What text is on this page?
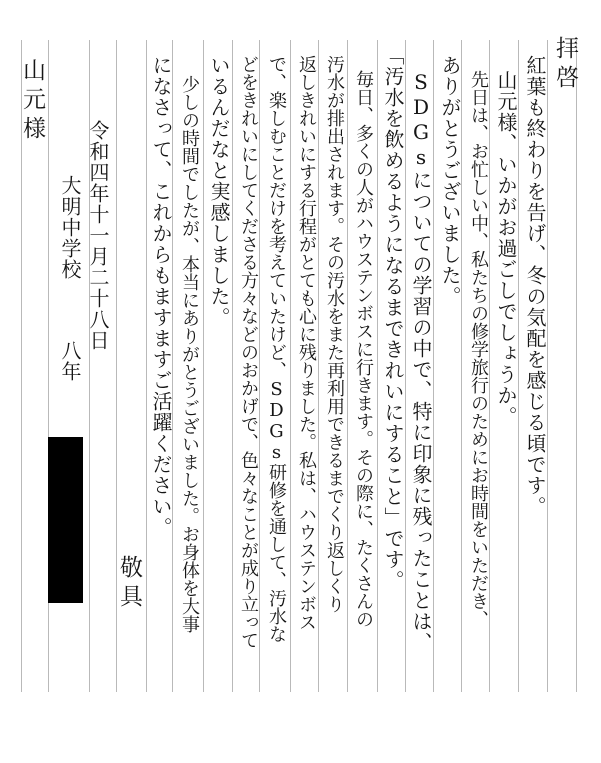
拝啓
紅葉も終わりを告げ、冬の気配を感じる頃です。
山元様、いかがお過ごしでしょうか。
先日は、お忙しい中、私たちの修学旅行のためにお時間をいただき、
ありがとうございました。
SDGsについての学習の中で、特に印象に残ったことは、
「汚水を飲めるようになるまできれいにすること」です。
毎日、多くの人がハウステンボスに行きます。その際に、たくさんの
汚水が排出されます。その汚水をまた再利用できるまでくり返しくり
返しきれいにする行程がとても心に残りました。私は、ハウステンボス
で、楽しむことだけを考えていたけど、SDGs研修を通して、汚水な
どをきれいにしてくださる方々などのおかげで、色々なことが成り立って
いるんだなと実感しました。
少しの時間でしたが、本当にありがとうございました。お身体を大事
になさって、これからもますますご活躍ください。
敬具
令和四年十一月二十八日
大明中学校
八年
山元様
